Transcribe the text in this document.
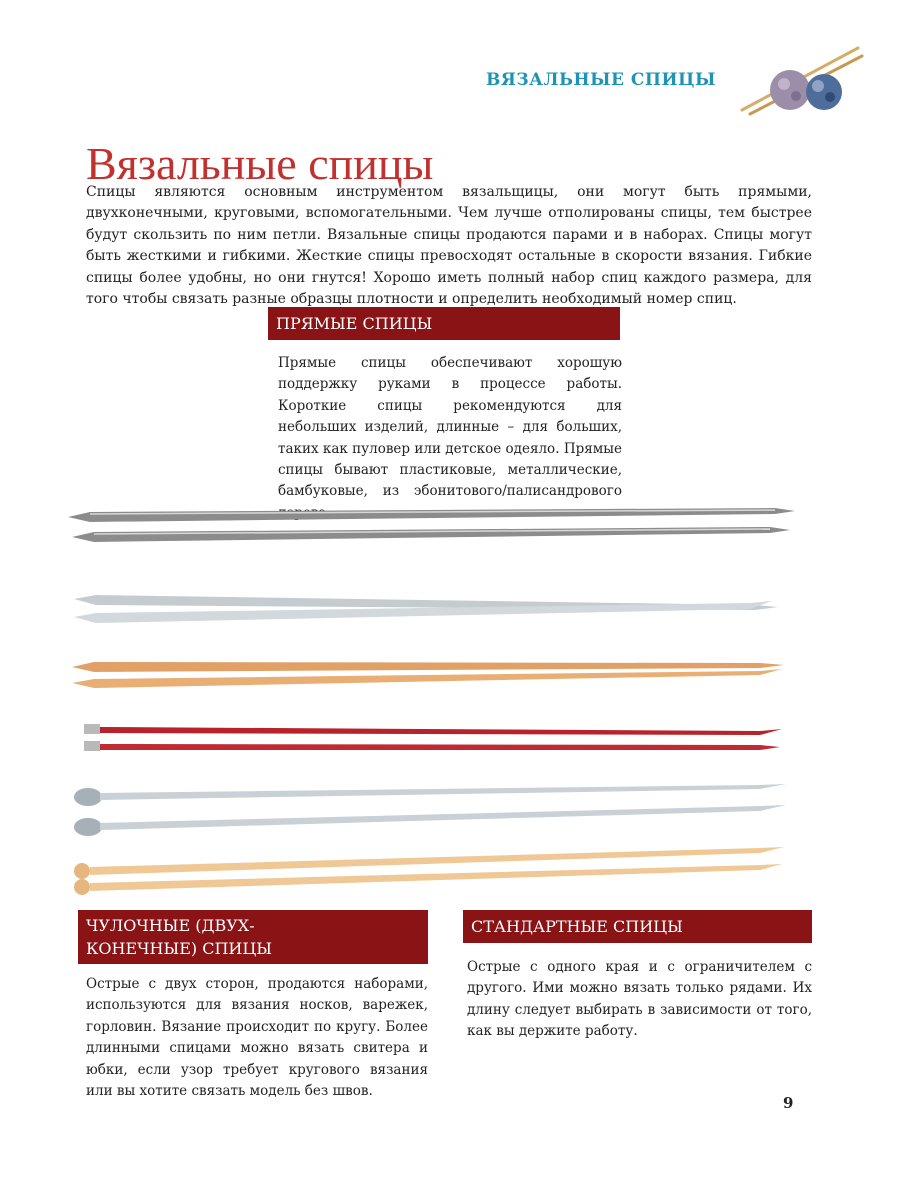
ВЯЗАЛЬНЫЕ СПИЦЫ
Вязальные спицы

Спицы являются основным инструментом вязальщицы, они могут быть прямыми, двухконечными, круговыми, вспомогательными. Чем лучше отполированы спицы, тем быстрее будут скользить по ним петли. Вязальные спицы продаются парами и в наборах. Спицы могут быть жесткими и гибкими. Жесткие спицы превосходят остальные в скорости вязания. Гибкие спицы более удобны, но они гнутся! Хорошо иметь полный набор спиц каждого размера, для того чтобы связать разные образцы плотности и определить необходимый номер спиц.

ПРЯМЫЕ СПИЦЫ

Прямые спицы обеспечивают хорошую поддержку руками в процессе работы. Короткие спицы рекомендуются для небольших изделий, длинные – для больших, таких как пуловер или детское одеяло. Прямые спицы бывают пластиковые, металлические, бамбуковые, из эбонитового/палисандрового

ЧУЛОЧНЫЕ (ДВУХ-
КОНЕЧНЫЕ) СПИЦЫ

Острые с двух сторон, продаются наборами, используются для вязания носков, варежек, горловин. Вязание происходит по кругу. Более длинными спицами можно вязать свитера и юбки, если узор требует кругового вязания или вы хотите связать модель без швов.

СТАНДАРТНЫЕ СПИЦЫ

Острые с одного края и с ограничителем с другого. Ими можно вязать только рядами. Их длину следует выбирать в зависимости от того, как вы держите работу.

9
